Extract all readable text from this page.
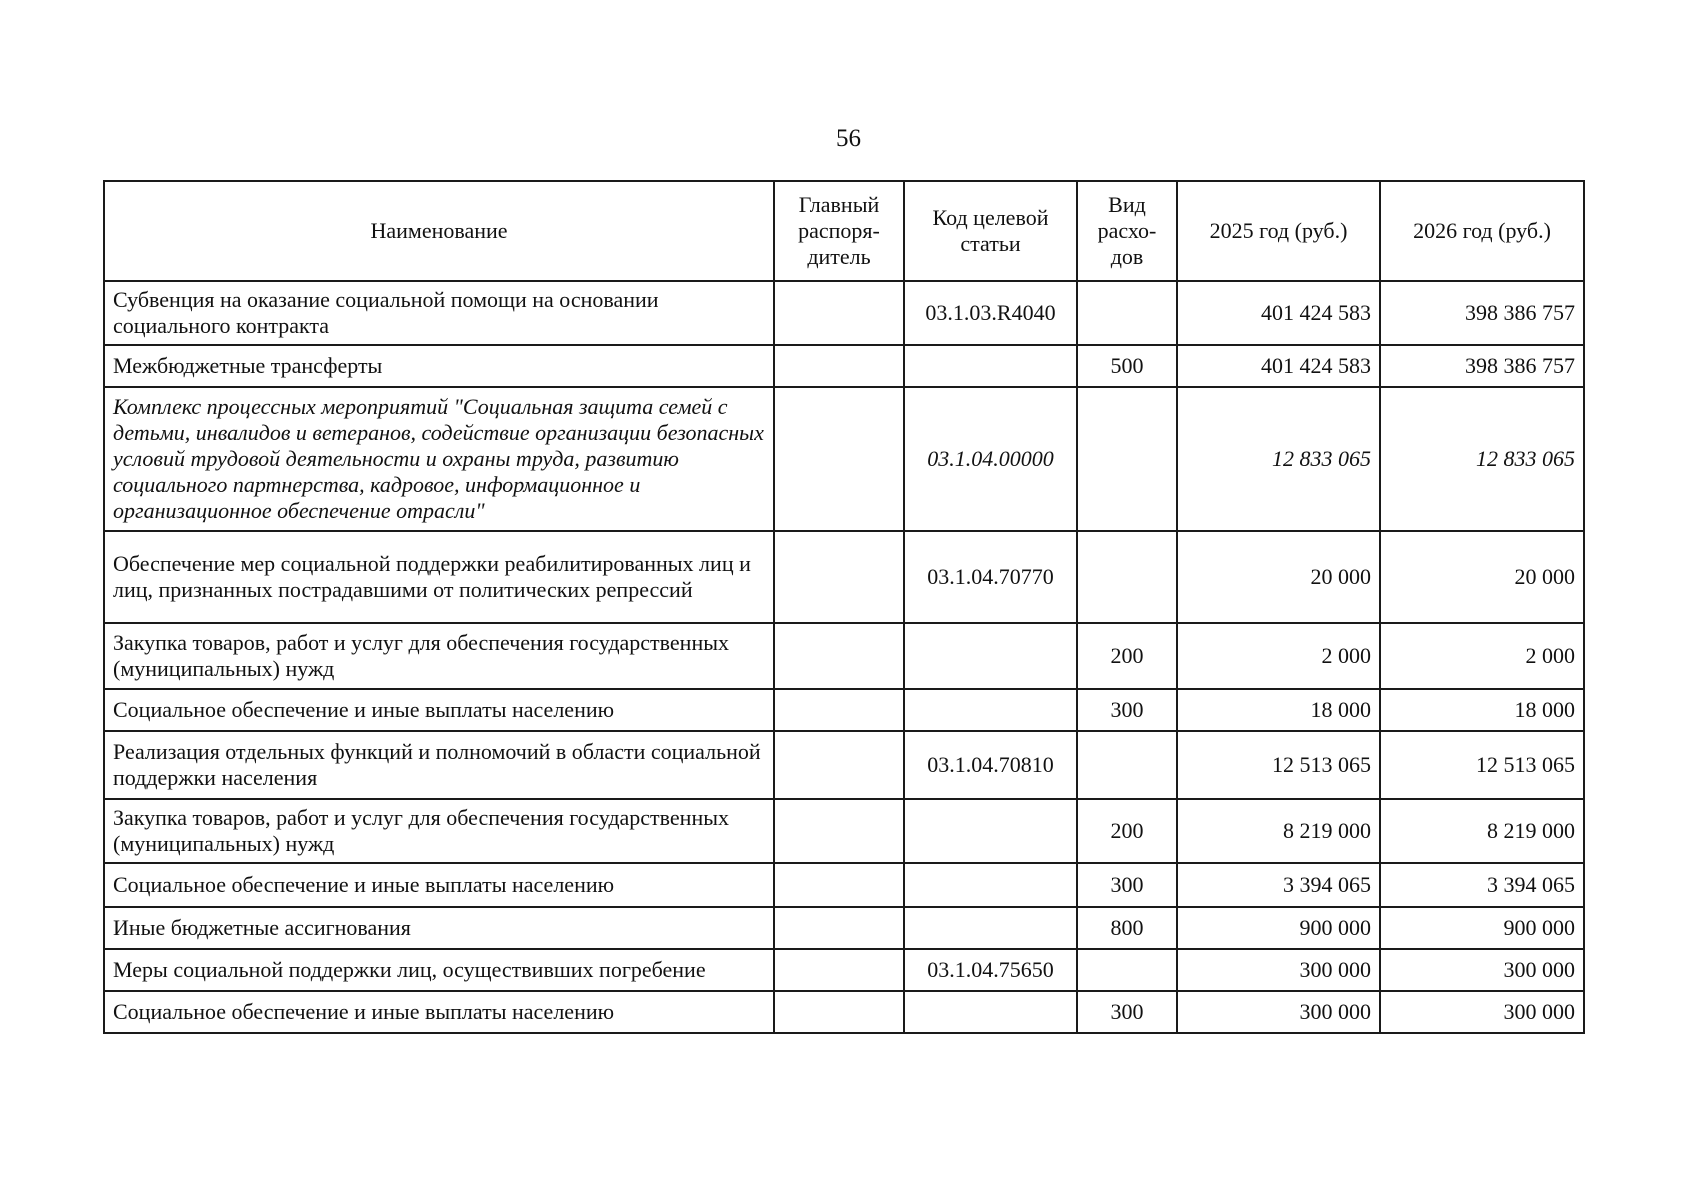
56
Наименование	Главный распоря-дитель	Код целевой статьи	Вид расхо-дов	2025 год (руб.)	2026 год (руб.)
Субвенция на оказание социальной помощи на основании социального контракта		03.1.03.R4040		401 424 583	398 386 757
Межбюджетные трансферты			500	401 424 583	398 386 757
Комплекс процессных мероприятий "Социальная защита семей с детьми, инвалидов и ветеранов, содействие организации безопасных условий трудовой деятельности и охраны труда, развитию социального партнерства, кадровое, информационное и организационное обеспечение отрасли"		03.1.04.00000		12 833 065	12 833 065
Обеспечение мер социальной поддержки реабилитированных лиц и лиц, признанных пострадавшими от политических репрессий		03.1.04.70770		20 000	20 000
Закупка товаров, работ и услуг для обеспечения государственных (муниципальных) нужд			200	2 000	2 000
Социальное обеспечение и иные выплаты населению			300	18 000	18 000
Реализация отдельных функций и полномочий в области социальной поддержки населения		03.1.04.70810		12 513 065	12 513 065
Закупка товаров, работ и услуг для обеспечения государственных (муниципальных) нужд			200	8 219 000	8 219 000
Социальное обеспечение и иные выплаты населению			300	3 394 065	3 394 065
Иные бюджетные ассигнования			800	900 000	900 000
Меры социальной поддержки лиц, осуществивших погребение		03.1.04.75650		300 000	300 000
Социальное обеспечение и иные выплаты населению			300	300 000	300 000
